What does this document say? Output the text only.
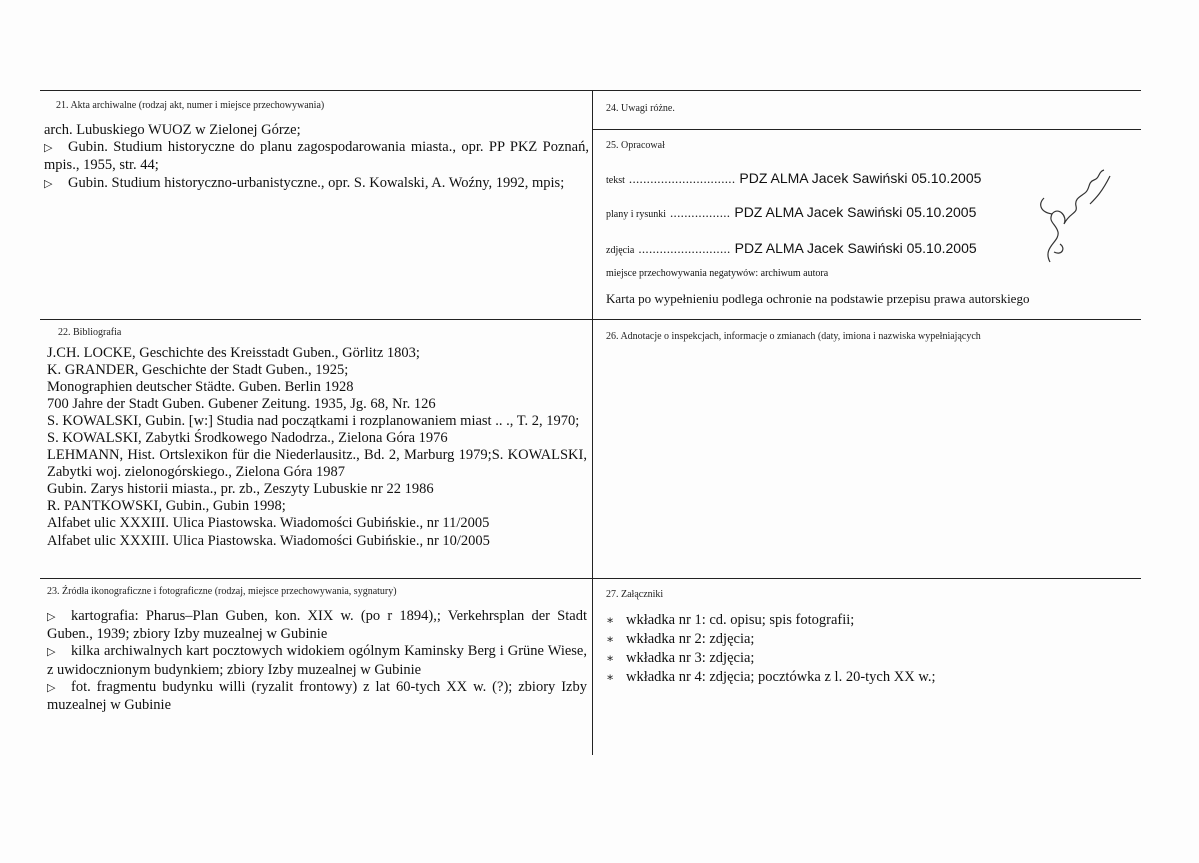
21. Akta archiwalne (rodzaj akt, numer i miejsce przechowywania)
arch. Lubuskiego WUOZ w Zielonej Górze;
▷ Gubin. Studium historyczne do planu zagospodarowania miasta., opr. PP PKZ Poznań, mpis., 1955, str. 44;
▷ Gubin. Studium historyczno-urbanistyczne., opr. S. Kowalski, A. Woźny, 1992, mpis;
24. Uwagi różne.
25. Opracował
tekst .............................. PDZ ALMA Jacek Sawiński 05.10.2005
plany i rysunki ................. PDZ ALMA Jacek Sawiński 05.10.2005
zdjęcia .......................... PDZ ALMA Jacek Sawiński 05.10.2005
miejsce przechowywania negatywów: archiwum autora
Karta po wypełnieniu podlega ochronie na podstawie przepisu prawa autorskiego
22. Bibliografia
J.CH. LOCKE, Geschichte des Kreisstadt Guben., Görlitz 1803;
K. GRANDER, Geschichte der Stadt Guben., 1925;
Monographien deutscher Städte. Guben. Berlin 1928
700 Jahre der Stadt Guben. Gubener Zeitung. 1935, Jg. 68, Nr. 126
S. KOWALSKI, Gubin. [w:] Studia nad początkami i rozplanowaniem miast .. ., T. 2, 1970;
S. KOWALSKI, Zabytki Środkowego Nadodrza., Zielona Góra 1976
LEHMANN, Hist. Ortslexikon für die Niederlausitz., Bd. 2, Marburg 1979;S. KOWALSKI, Zabytki woj. zielonogórskiego., Zielona Góra 1987
Gubin. Zarys historii miasta., pr. zb., Zeszyty Lubuskie nr 22 1986
R. PANTKOWSKI, Gubin., Gubin 1998;
Alfabet ulic XXXIII. Ulica Piastowska. Wiadomości Gubińskie., nr 11/2005
Alfabet ulic XXXIII. Ulica Piastowska. Wiadomości Gubińskie., nr 10/2005
26. Adnotacje o inspekcjach, informacje o zmianach (daty, imiona i nazwiska wypełniających
23. Źródła ikonograficzne i fotograficzne (rodzaj, miejsce przechowywania, sygnatury)
▷ kartografia: Pharus–Plan Guben, kon. XIX w. (po r 1894),; Verkehrsplan der Stadt Guben., 1939; zbiory Izby muzealnej w Gubinie
▷ kilka archiwalnych kart pocztowych widokiem ogólnym Kaminsky Berg i Grüne Wiese, z uwidocznionym budynkiem; zbiory Izby muzealnej w Gubinie
▷ fot. fragmentu budynku willi (ryzalit frontowy) z lat 60-tych XX w. (?); zbiory Izby muzealnej w Gubinie
27. Załączniki
∗ wkładka nr 1: cd. opisu; spis fotografii;
∗ wkładka nr 2: zdjęcia;
∗ wkładka nr 3: zdjęcia;
∗ wkładka nr 4: zdjęcia; pocztówka z l. 20-tych XX w.;
